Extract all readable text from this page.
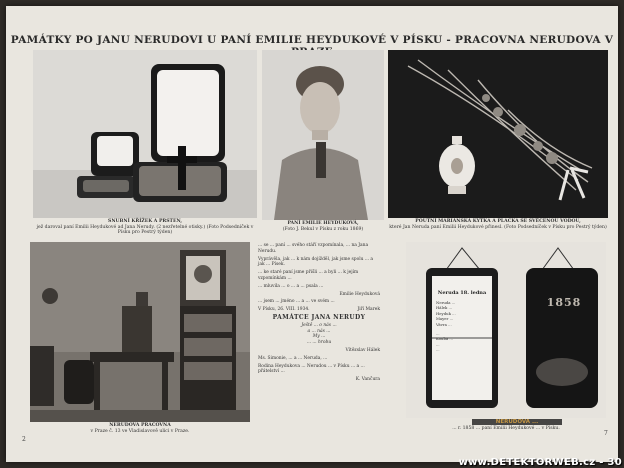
PAMÁTKY PO JANU NERUDOVI U PANÍ EMILIE HEYDUKOVÉ V PÍSKU - PRACOVNA NERUDOVA V
SNUBNÍ KŘÍŽEK A PRSTEN,
jež daroval paní Emilii Heydukové ad Jana Nerudy. (2 nezřetelné otisky.) (Foto Podsedníček v Písku pro Pestrý týden)
PANÍ EMILIE HEYDUKOVÁ,
(Foto J. Bekul v Písku z roku 1869)
POUTNÍ MARIÁNSKÁ KYTKA A PLACKA SE SVĚCENOU VODOU,
které Jan Neruda paní Emilii Heydukové přinesl. (Foto Podsedníček v Písku pro Pestrý týden)
NERUDOVA PRACOVNA
v Praze č. 13 ve Vladislavově ulici v Praze.

... se ... paní ... svého stáří vzpomínala, ... na Jana Nerudu.

Vyprávěla, jak ... k nám dojížděl, jak jsme spolu ... a jak ... Písek.

... ke staré paní jsme přišli ... a byli ... k jejím vzpomínkám ...

... mluvila ... o ... a ... psala ...

Emilie Heyduková

... jsem ... jméno ... a ... ve svém ...

V Písku, 26. VIII. 1934.	Jiří Marek

PAMÁTCE JANA NERUDY
Ještě ... o nás ...
a ... nás ...
My ...
... ... hrobu

Vítězslav Hálek

Ms. Simonie, ... a ... Neruda, ...

Rodina Heydukova ... Nerudou ... v Písku ... a ... přátelství ...

K. Vančura

Neruda 18. ledna
Neruda ...
Hálek ...
Heyduk ...
Mayer ...
Vávra ...
...
Kouba ...
...
...
1858
NERUDOVA ...
... r. 1858 ... paní Emilii Heydukové ... v Písku.
2
7
www.DETEKTORWEB.cz - 30
